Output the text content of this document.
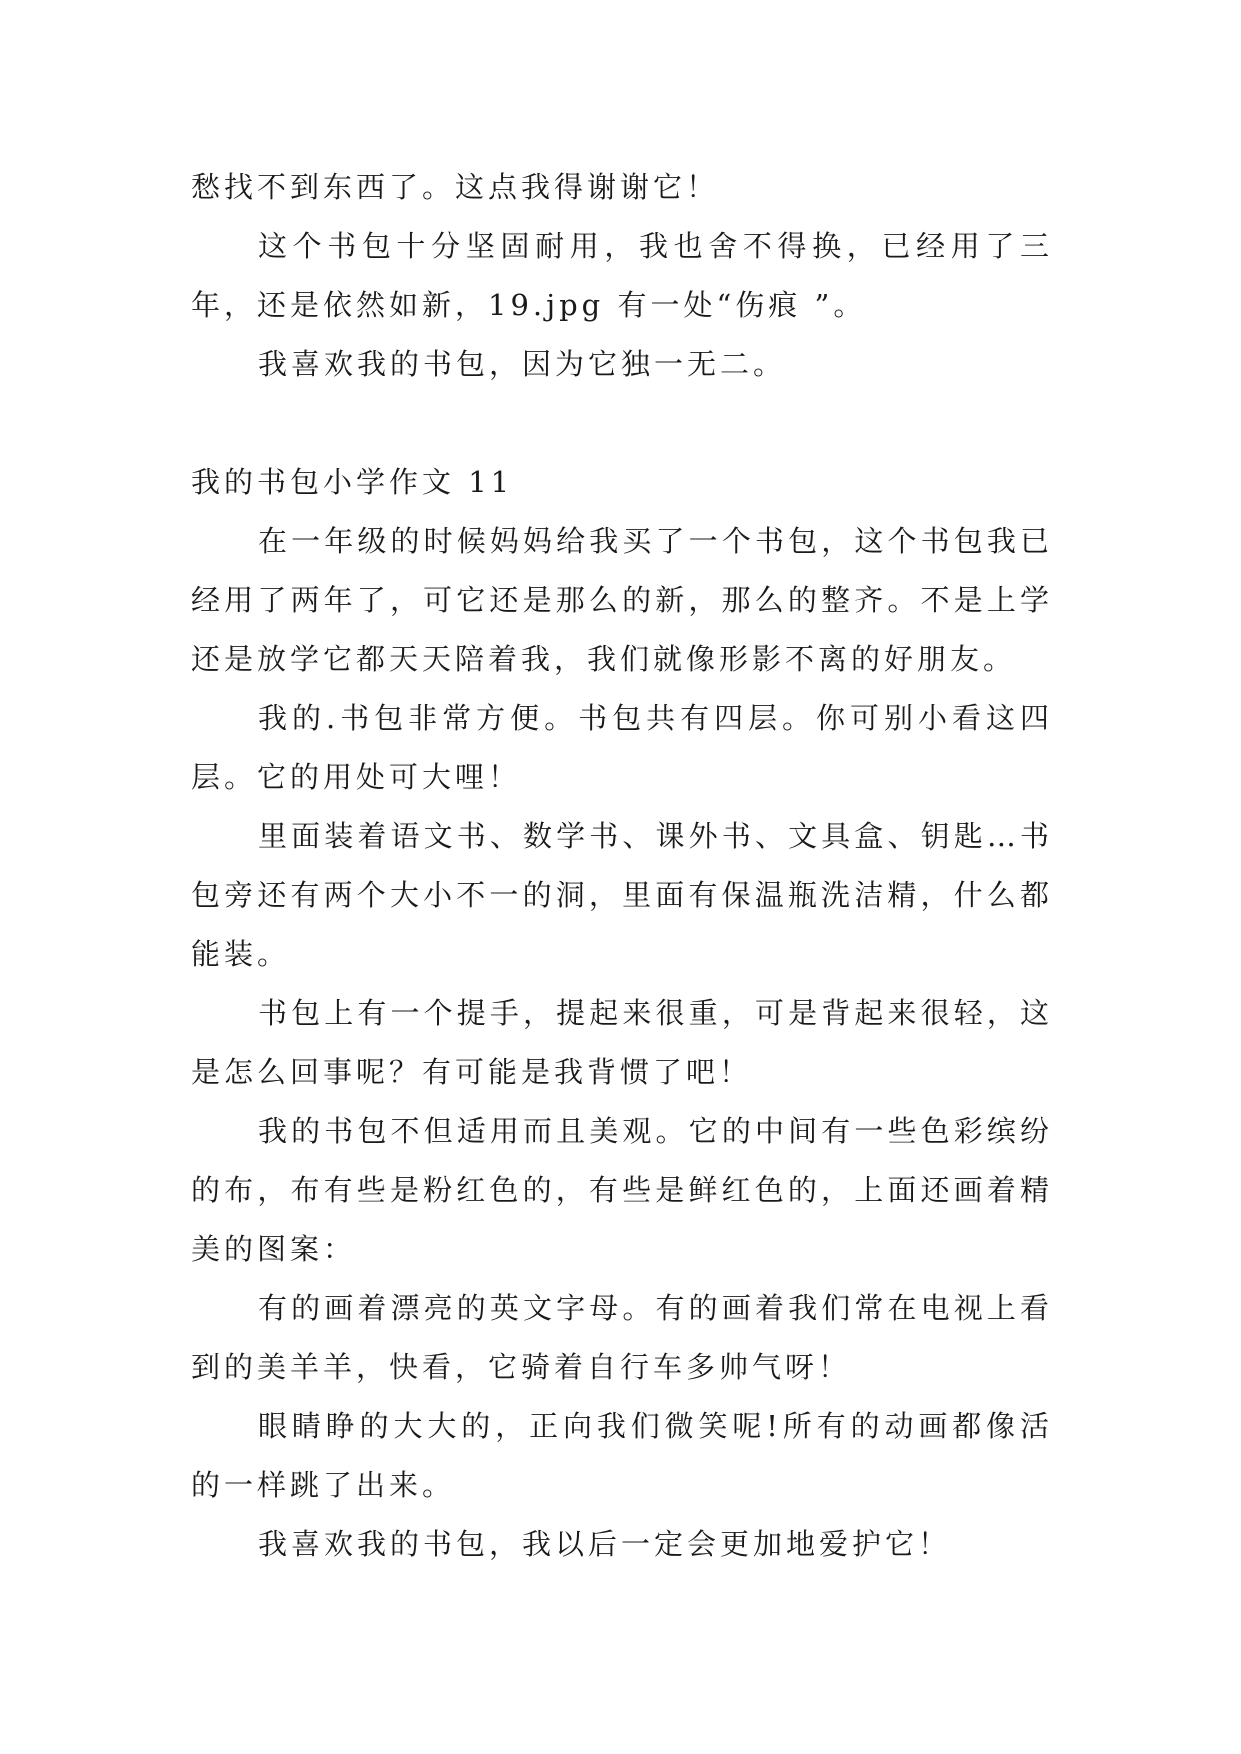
愁找不到东西了。这点我得谢谢它！

这个书包十分坚固耐用，我也舍不得换，已经用了三年，还是依然如新，19.jpg 有一处“伤痕 ”。

我喜欢我的书包，因为它独一无二。

我的书包小学作文 11

在一年级的时候妈妈给我买了一个书包，这个书包我已经用了两年了，可它还是那么的新，那么的整齐。不是上学还是放学它都天天陪着我，我们就像形影不离的好朋友。

我的.书包非常方便。书包共有四层。你可别小看这四层。它的用处可大哩！

里面装着语文书、数学书、课外书、文具盒、钥匙…书包旁还有两个大小不一的洞，里面有保温瓶洗洁精，什么都能装。

书包上有一个提手，提起来很重，可是背起来很轻，这是怎么回事呢？有可能是我背惯了吧！

我的书包不但适用而且美观。它的中间有一些色彩缤纷的布，布有些是粉红色的，有些是鲜红色的，上面还画着精美的图案：

有的画着漂亮的英文字母。有的画着我们常在电视上看到的美羊羊，快看，它骑着自行车多帅气呀！

眼睛睁的大大的，正向我们微笑呢!所有的动画都像活的一样跳了出来。

我喜欢我的书包，我以后一定会更加地爱护它！
